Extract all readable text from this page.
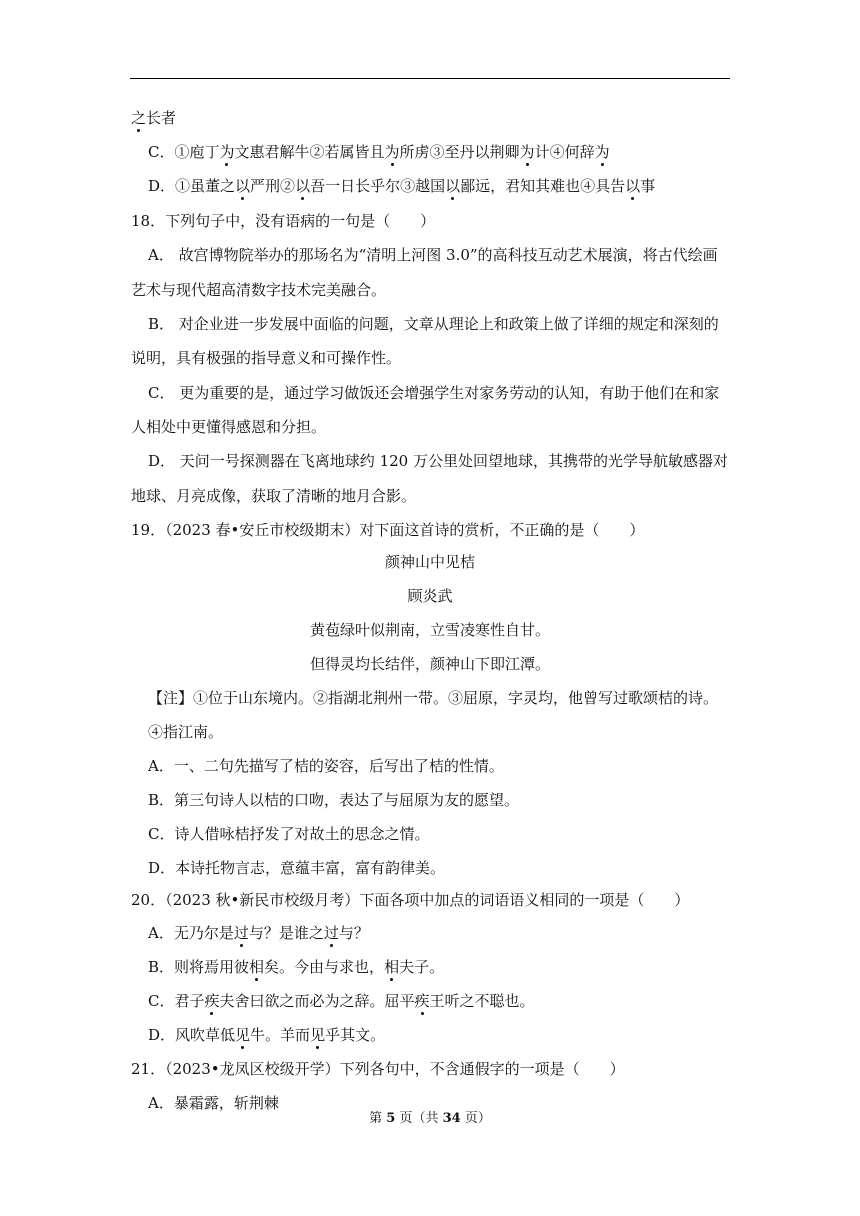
之长者
C．①庖丁为文惠君解牛②若属皆且为所虏③至丹以荆卿为计④何辞为
D．①虽董之以严刑②以吾一日长乎尔③越国以鄙远，君知其难也④具告以事
18．下列句子中，没有语病的一句是（　　）
A． 故宫博物院举办的那场名为“清明上河图 3.0”的高科技互动艺术展演，将古代绘画
艺术与现代超高清数字技术完美融合。
B． 对企业进一步发展中面临的问题，文章从理论上和政策上做了详细的规定和深刻的
说明，具有极强的指导意义和可操作性。
C． 更为重要的是，通过学习做饭还会增强学生对家务劳动的认知，有助于他们在和家
人相处中更懂得感恩和分担。
D． 天问一号探测器在飞离地球约 120 万公里处回望地球，其携带的光学导航敏感器对
地球、月亮成像，获取了清晰的地月合影。
19．（2023 春•安丘市校级期末）对下面这首诗的赏析，不正确的是（　　）
颜神山中见桔
顾炎武
黄苞绿叶似荆南，立雪凌寒性自甘。
但得灵均长结伴，颜神山下即江潭。
【注】①位于山东境内。②指湖北荆州一带。③屈原，字灵均，他曾写过歌颂桔的诗。
④指江南。
A．一、二句先描写了桔的姿容，后写出了桔的性情。
B．第三句诗人以桔的口吻，表达了与屈原为友的愿望。
C．诗人借咏桔抒发了对故土的思念之情。
D．本诗托物言志，意蕴丰富，富有韵律美。
20．（2023 秋•新民市校级月考）下面各项中加点的词语语义相同的一项是（　　）
A．无乃尔是过与？是谁之过与？
B．则将焉用彼相矣。今由与求也，相夫子。
C．君子疾夫舍曰欲之而必为之辞。屈平疾王听之不聪也。
D．风吹草低见牛。羊而见乎其文。
21．（2023•龙凤区校级开学）下列各句中，不含通假字的一项是（　　）
A．暴霜露，斩荆棘
第 5 页（共 34 页）
